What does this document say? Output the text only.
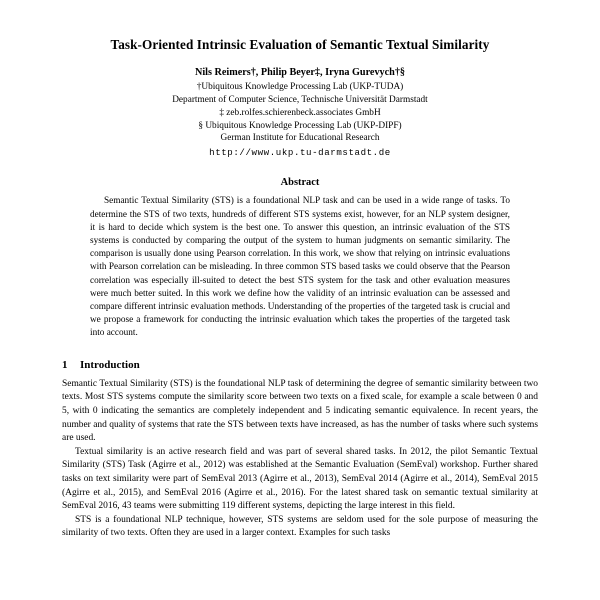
Task-Oriented Intrinsic Evaluation of Semantic Textual Similarity
Nils Reimers†, Philip Beyer‡, Iryna Gurevych†§
†Ubiquitous Knowledge Processing Lab (UKP-TUDA)
Department of Computer Science, Technische Universität Darmstadt
‡ zeb.rolfes.schierenbeck.associates GmbH
§ Ubiquitous Knowledge Processing Lab (UKP-DIPF)
German Institute for Educational Research
http://www.ukp.tu-darmstadt.de
Abstract
Semantic Textual Similarity (STS) is a foundational NLP task and can be used in a wide range of tasks. To determine the STS of two texts, hundreds of different STS systems exist, however, for an NLP system designer, it is hard to decide which system is the best one. To answer this question, an intrinsic evaluation of the STS systems is conducted by comparing the output of the system to human judgments on semantic similarity. The comparison is usually done using Pearson correlation. In this work, we show that relying on intrinsic evaluations with Pearson correlation can be misleading. In three common STS based tasks we could observe that the Pearson correlation was especially ill-suited to detect the best STS system for the task and other evaluation measures were much better suited. In this work we define how the validity of an intrinsic evaluation can be assessed and compare different intrinsic evaluation methods. Understanding of the properties of the targeted task is crucial and we propose a framework for conducting the intrinsic evaluation which takes the properties of the targeted task into account.
1 Introduction

Semantic Textual Similarity (STS) is the foundational NLP task of determining the degree of semantic similarity between two texts. Most STS systems compute the similarity score between two texts on a fixed scale, for example a scale between 0 and 5, with 0 indicating the semantics are completely independent and 5 indicating semantic equivalence. In recent years, the number and quality of systems that rate the STS between texts have increased, as has the number of tasks where such systems are used.

Textual similarity is an active research field and was part of several shared tasks. In 2012, the pilot Semantic Textual Similarity (STS) Task (Agirre et al., 2012) was established at the Semantic Evaluation (SemEval) workshop. Further shared tasks on text similarity were part of SemEval 2013 (Agirre et al., 2013), SemEval 2014 (Agirre et al., 2014), SemEval 2015 (Agirre et al., 2015), and SemEval 2016 (Agirre et al., 2016). For the latest shared task on semantic textual similarity at SemEval 2016, 43 teams were submitting 119 different systems, depicting the large interest in this field.

STS is a foundational NLP technique, however, STS systems are seldom used for the sole purpose of measuring the similarity of two texts. Often they are used in a larger context. Examples for such tasks
